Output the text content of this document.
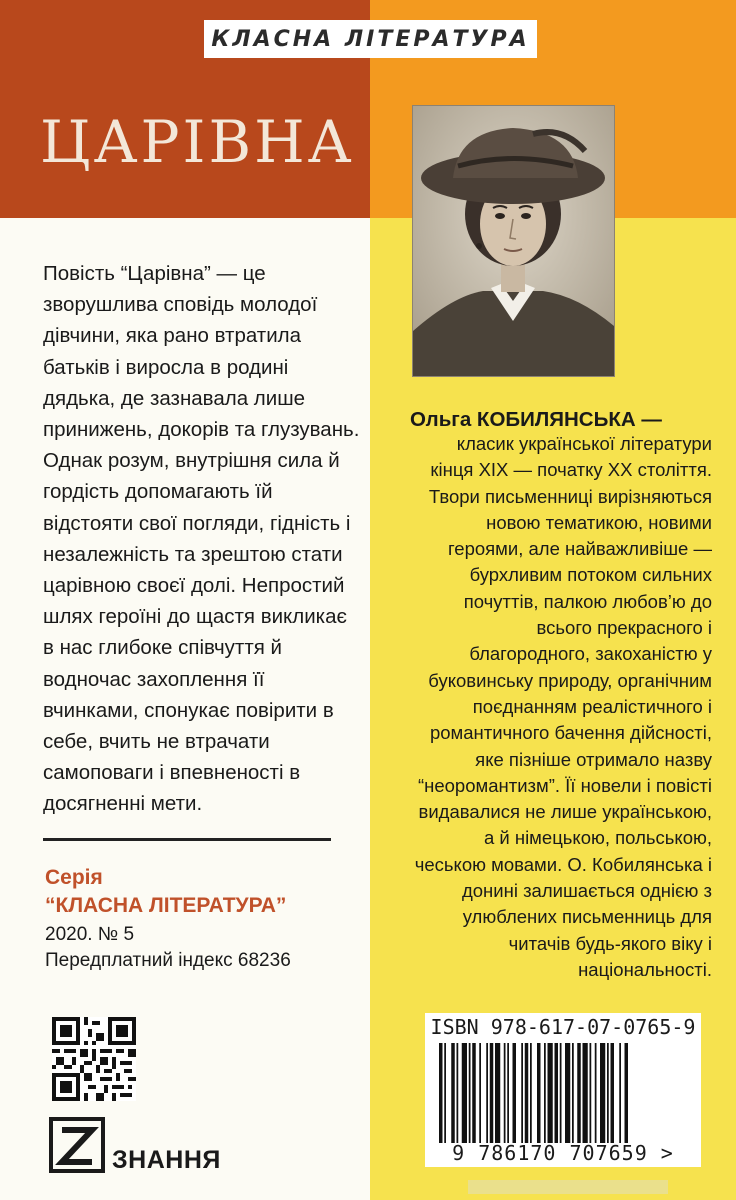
КЛАСНА ЛІТЕРАТУРА
ЦАРІВНА

Повість “Царівна” — це зворушлива сповідь молодої дівчини, яка рано втратила батьків і виросла в родині дядька, де зазнавала лише принижень, докорів та глузувань. Однак розум, внутрішня сила й гордість допомагають їй відстояти свої погляди, гідність і незалежність та зрештою стати царівною своєї долі. Непростий шлях героїні до щастя викликає в нас глибоке співчуття й водночас захоплення її вчинками, спонукає повірити в себе, вчить не втрачати самоповаги і впевненості в досягненні мети.

Серія
“КЛАСНА ЛІТЕРАТУРА”
2020. № 5
Передплатний індекс 68236
ЗНАННЯ
Ольга КОБИЛЯНСЬКА —
класик української літератури кінця ХІХ — початку ХХ століття. Твори письменниці вирізняються новою тематикою, новими героями, але найважливіше — бурхливим потоком сильних почуттів, палкою любов’ю до всього прекрасного і благородного, закоханістю у буковинську природу, органічним поєднанням реалістичного і романтичного бачення дійсності, яке пізніше отримало назву “неоромантизм”. Її новели і повісті видавалися не лише українською, а й німецькою, польською, чеською мовами. О. Кобилянська і донині залишається однією з улюблених письменниць для читачів будь-якого віку і національності.
ISBN 978-617-07-0765-9
9 786170 707659 >
